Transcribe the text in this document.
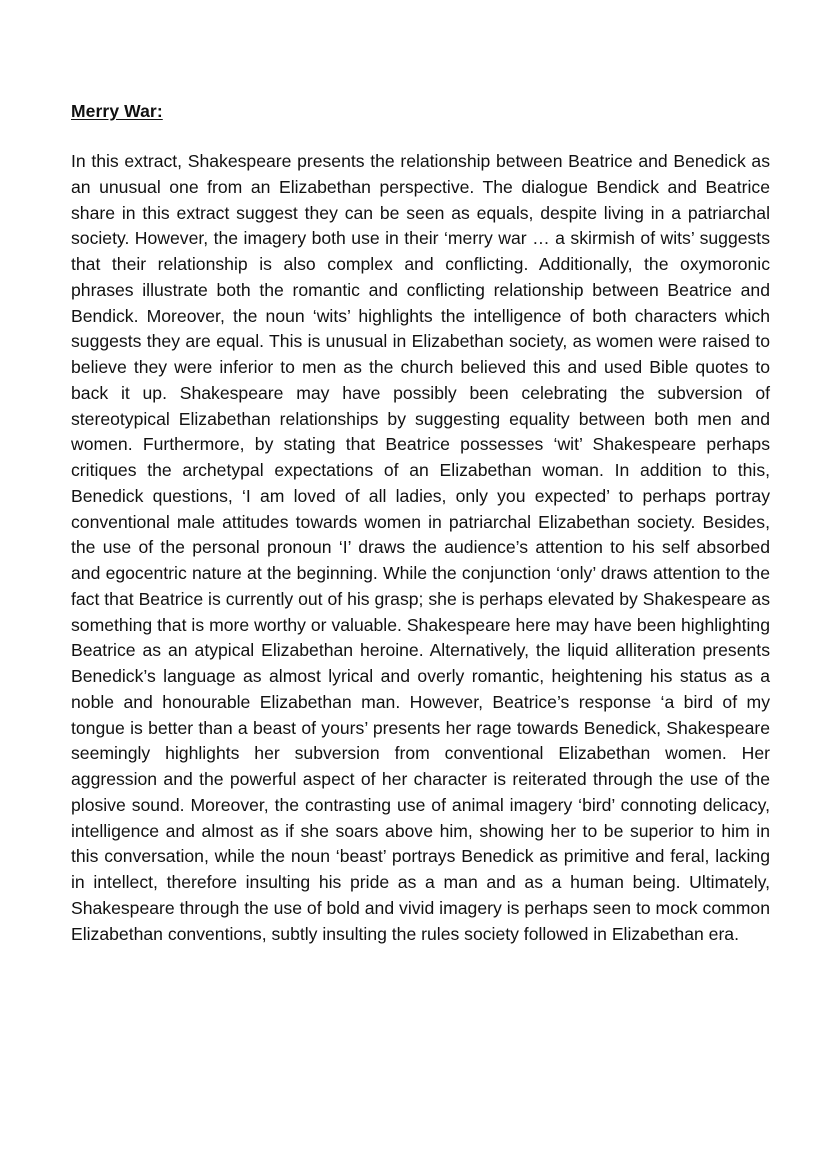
Merry War:

In this extract, Shakespeare presents the relationship between Beatrice and Benedick as an unusual one from an Elizabethan perspective. The dialogue Bendick and Beatrice share in this extract suggest they can be seen as equals, despite living in a patriarchal society. However, the imagery both use in their ‘merry war … a skirmish of wits’ suggests that their relationship is also complex and conflicting. Additionally, the oxymoronic phrases illustrate both the romantic and conflicting relationship between Beatrice and Bendick. Moreover, the noun ‘wits’ highlights the intelligence of both characters which suggests they are equal. This is unusual in Elizabethan society, as women were raised to believe they were inferior to men as the church believed this and used Bible quotes to back it up. Shakespeare may have possibly been celebrating the subversion of stereotypical Elizabethan relationships by suggesting equality between both men and women. Furthermore, by stating that Beatrice possesses ‘wit’ Shakespeare perhaps critiques the archetypal expectations of an Elizabethan woman. In addition to this, Benedick questions, ‘I am loved of all ladies, only you expected’ to perhaps portray conventional male attitudes towards women in patriarchal Elizabethan society. Besides, the use of the personal pronoun ‘I’ draws the audience’s attention to his self absorbed and egocentric nature at the beginning. While the conjunction ‘only’ draws attention to the fact that Beatrice is currently out of his grasp; she is perhaps elevated by Shakespeare as something that is more worthy or valuable. Shakespeare here may have been highlighting Beatrice as an atypical Elizabethan heroine. Alternatively, the liquid alliteration presents Benedick’s language as almost lyrical and overly romantic, heightening his status as a noble and honourable Elizabethan man. However, Beatrice’s response ‘a bird of my tongue is better than a beast of yours’ presents her rage towards Benedick, Shakespeare seemingly highlights her subversion from conventional Elizabethan women. Her aggression and the powerful aspect of her character is reiterated through the use of the plosive sound. Moreover, the contrasting use of animal imagery ‘bird’ connoting delicacy, intelligence and almost as if she soars above him, showing her to be superior to him in this conversation, while the noun ‘beast’ portrays Benedick as primitive and feral, lacking in intellect, therefore insulting his pride as a man and as a human being. Ultimately, Shakespeare through the use of bold and vivid imagery is perhaps seen to mock common Elizabethan conventions, subtly insulting the rules society followed in Elizabethan era.
